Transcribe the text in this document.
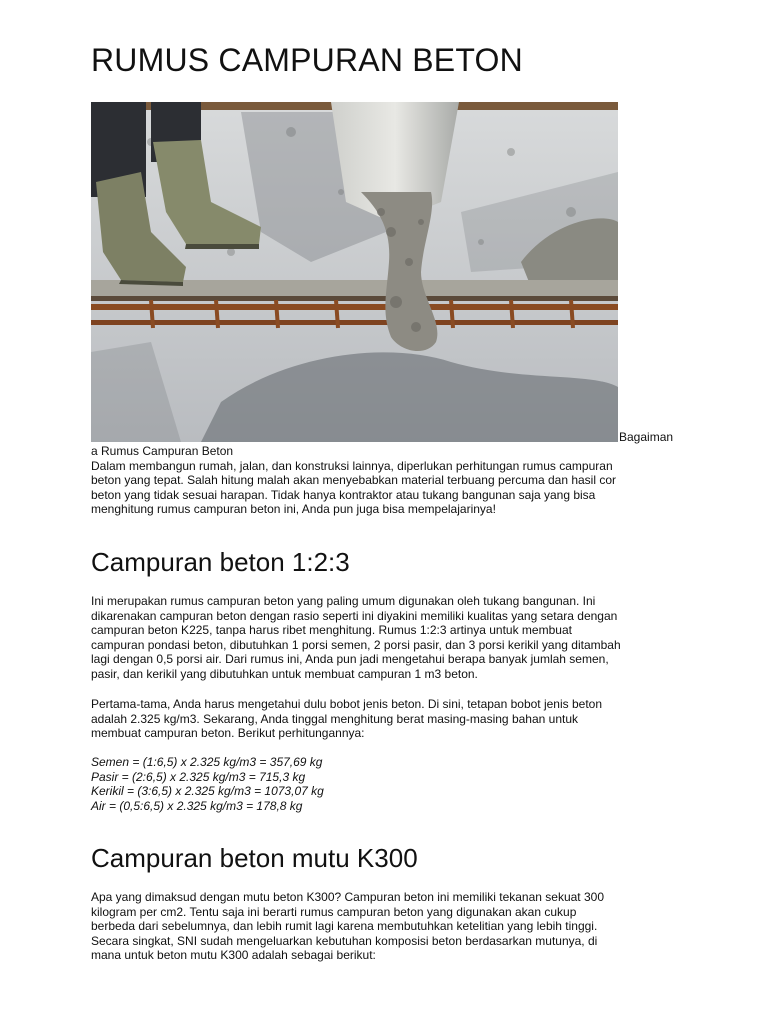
RUMUS CAMPURAN BETON
Bagaiman

a Rumus Campuran Beton
Dalam membangun rumah, jalan, dan konstruksi lainnya, diperlukan perhitungan rumus campuran
beton yang tepat. Salah hitung malah akan menyebabkan material terbuang percuma dan hasil cor
beton yang tidak sesuai harapan. Tidak hanya kontraktor atau tukang bangunan saja yang bisa
menghitung rumus campuran beton ini, Anda pun juga bisa mempelajarinya!

Campuran beton 1:2:3

Ini merupakan rumus campuran beton yang paling umum digunakan oleh tukang bangunan. Ini
dikarenakan campuran beton dengan rasio seperti ini diyakini memiliki kualitas yang setara dengan
campuran beton K225, tanpa harus ribet menghitung. Rumus 1:2:3 artinya untuk membuat
campuran pondasi beton, dibutuhkan 1 porsi semen, 2 porsi pasir, dan 3 porsi kerikil yang ditambah
lagi dengan 0,5 porsi air. Dari rumus ini, Anda pun jadi mengetahui berapa banyak jumlah semen,
pasir, dan kerikil yang dibutuhkan untuk membuat campuran 1 m3 beton.

Pertama-tama, Anda harus mengetahui dulu bobot jenis beton. Di sini, tetapan bobot jenis beton
adalah 2.325 kg/m3. Sekarang, Anda tinggal menghitung berat masing-masing bahan untuk
membuat campuran beton. Berikut perhitungannya:

Semen = (1:6,5) x 2.325 kg/m3 = 357,69 kg
Pasir = (2:6,5) x 2.325 kg/m3 = 715,3 kg
Kerikil = (3:6,5) x 2.325 kg/m3 = 1073,07 kg
Air = (0,5:6,5) x 2.325 kg/m3 = 178,8 kg

Campuran beton mutu K300

Apa yang dimaksud dengan mutu beton K300? Campuran beton ini memiliki tekanan sekuat 300
kilogram per cm2. Tentu saja ini berarti rumus campuran beton yang digunakan akan cukup
berbeda dari sebelumnya, dan lebih rumit lagi karena membutuhkan ketelitian yang lebih tinggi.
Secara singkat, SNI sudah mengeluarkan kebutuhan komposisi beton berdasarkan mutunya, di
mana untuk beton mutu K300 adalah sebagai berikut:
